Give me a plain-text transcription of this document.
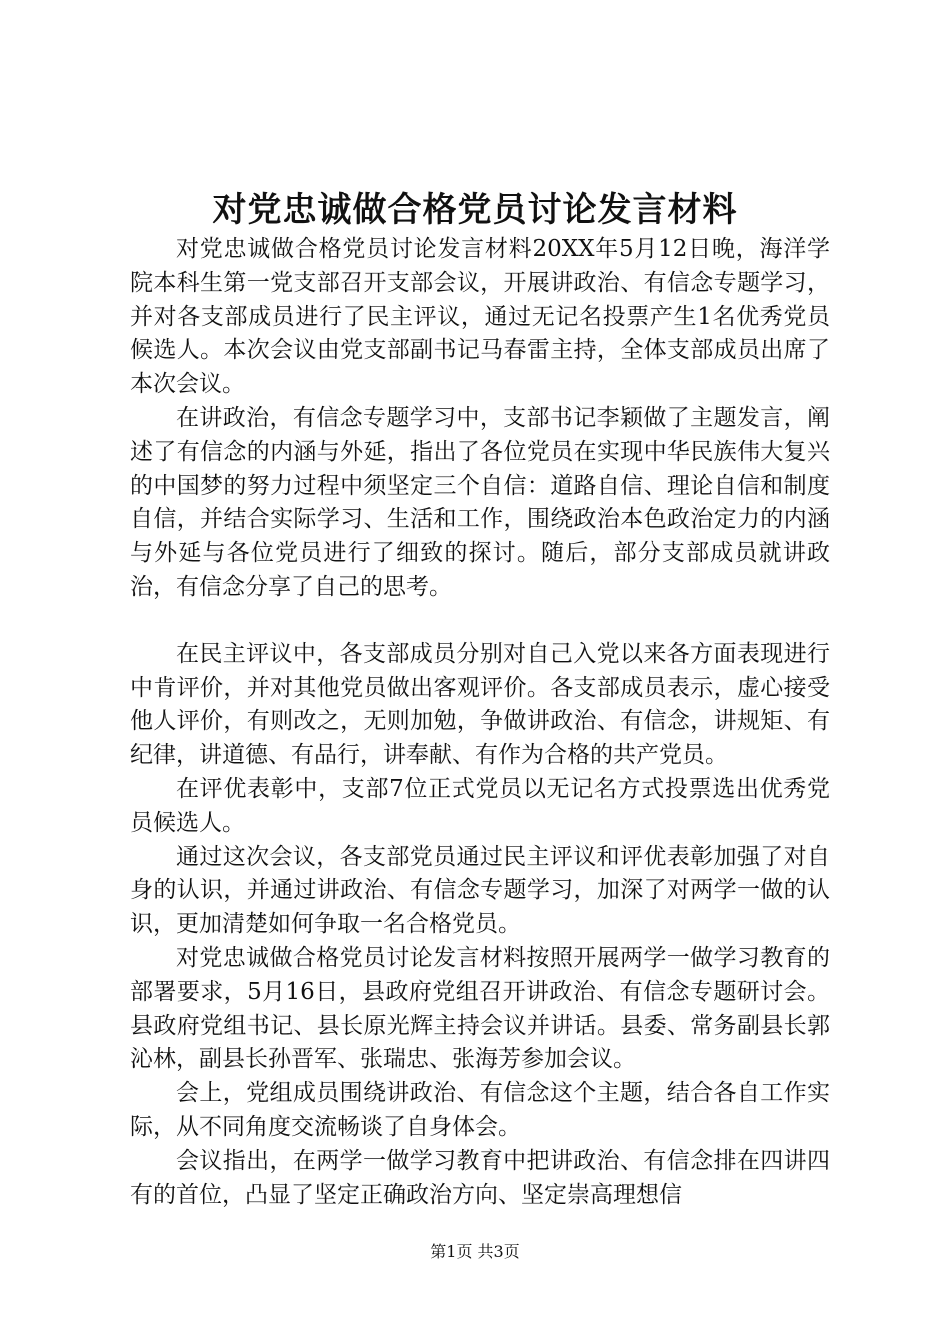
对党忠诚做合格党员讨论发言材料

对党忠诚做合格党员讨论发言材料20XX年5月12日晚，海洋学院本科生第一党支部召开支部会议，开展讲政治、有信念专题学习，并对各支部成员进行了民主评议，通过无记名投票产生1名优秀党员候选人。本次会议由党支部副书记马春雷主持，全体支部成员出席了本次会议。

在讲政治，有信念专题学习中，支部书记李颖做了主题发言，阐述了有信念的内涵与外延，指出了各位党员在实现中华民族伟大复兴的中国梦的努力过程中须坚定三个自信：道路自信、理论自信和制度自信，并结合实际学习、生活和工作，围绕政治本色政治定力的内涵与外延与各位党员进行了细致的探讨。随后，部分支部成员就讲政治，有信念分享了自己的思考。

在民主评议中，各支部成员分别对自己入党以来各方面表现进行中肯评价，并对其他党员做出客观评价。各支部成员表示，虚心接受他人评价，有则改之，无则加勉，争做讲政治、有信念，讲规矩、有纪律，讲道德、有品行，讲奉献、有作为合格的共产党员。

在评优表彰中，支部7位正式党员以无记名方式投票选出优秀党员候选人。

通过这次会议，各支部党员通过民主评议和评优表彰加强了对自身的认识，并通过讲政治、有信念专题学习，加深了对两学一做的认识，更加清楚如何争取一名合格党员。

对党忠诚做合格党员讨论发言材料按照开展两学一做学习教育的部署要求，5月16日，县政府党组召开讲政治、有信念专题研讨会。县政府党组书记、县长原光辉主持会议并讲话。县委、常务副县长郭沁林，副县长孙晋军、张瑞忠、张海芳参加会议。

会上，党组成员围绕讲政治、有信念这个主题，结合各自工作实际，从不同角度交流畅谈了自身体会。

会议指出，在两学一做学习教育中把讲政治、有信念排在四讲四有的首位，凸显了坚定正确政治方向、坚定崇高理想信

第1页 共3页
